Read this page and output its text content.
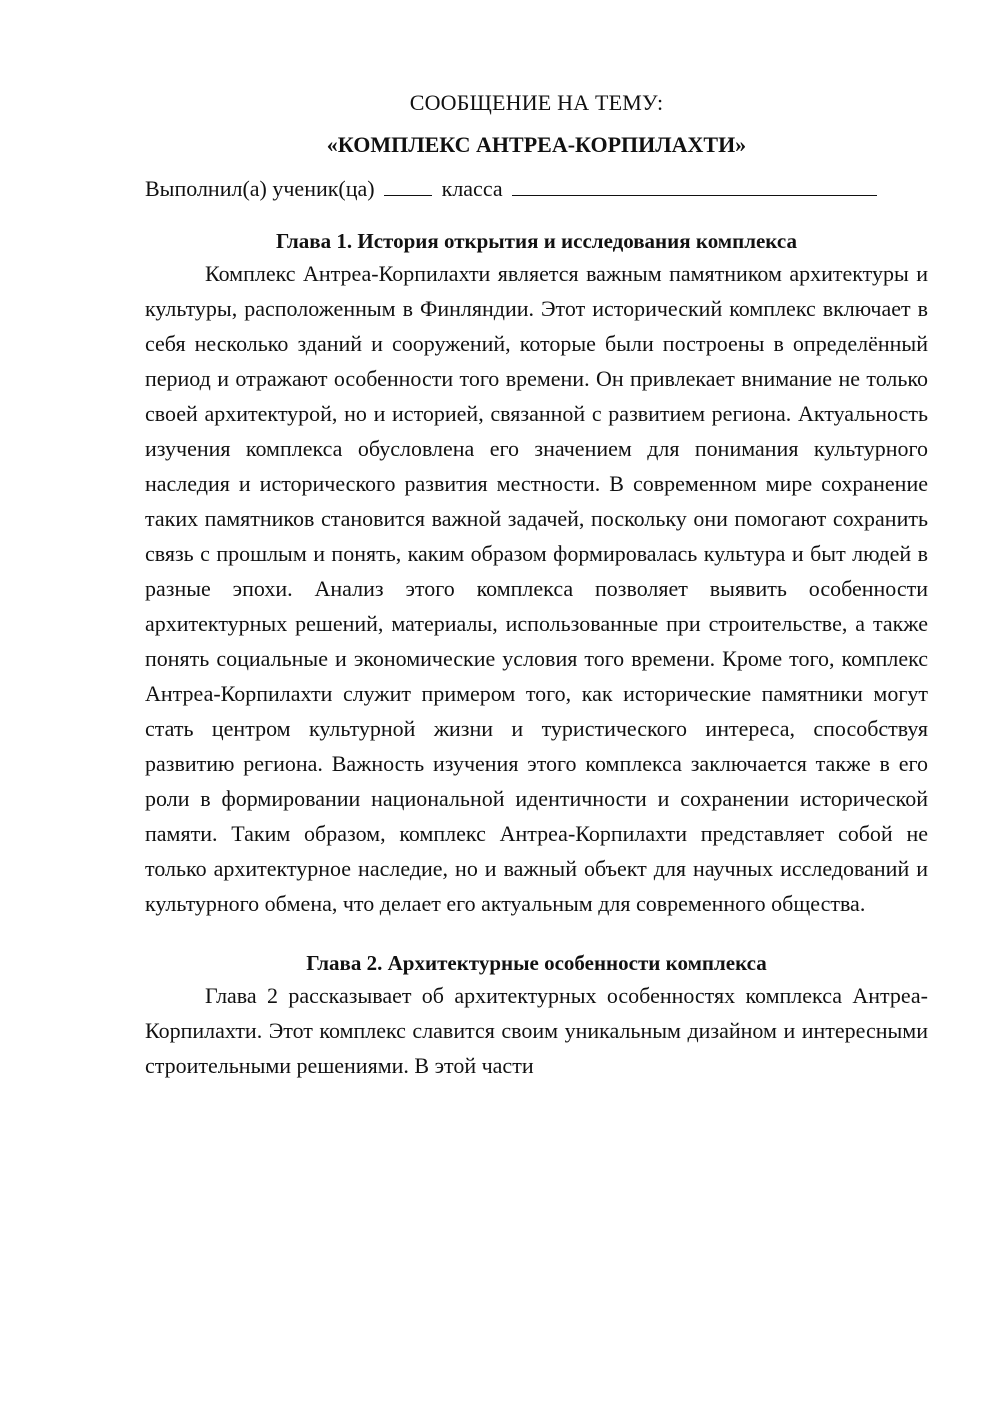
СООБЩЕНИЕ НА ТЕМУ:
«КОМПЛЕКС АНТРЕА-КОРПИЛАХТИ»
Выполнил(а) ученик(ца)	класса
Глава 1. История открытия и исследования комплекса

Комплекс Антреа-Корпилахти является важным памятником архитектуры и культуры, расположенным в Финляндии. Этот исторический комплекс включает в себя несколько зданий и сооружений, которые были построены в определённый период и отражают особенности того времени. Он привлекает внимание не только своей архитектурой, но и историей, связанной с развитием региона. Актуальность изучения комплекса обусловлена его значением для понимания культурного наследия и исторического развития местности. В современном мире сохранение таких памятников становится важной задачей, поскольку они помогают сохранить связь с прошлым и понять, каким образом формировалась культура и быт людей в разные эпохи. Анализ этого комплекса позволяет выявить особенности архитектурных решений, материалы, использованные при строительстве, а также понять социальные и экономические условия того времени. Кроме того, комплекс Антреа-Корпилахти служит примером того, как исторические памятники могут стать центром культурной жизни и туристического интереса, способствуя развитию региона. Важность изучения этого комплекса заключается также в его роли в формировании национальной идентичности и сохранении исторической памяти. Таким образом, комплекс Антреа-Корпилахти представляет собой не только архитектурное наследие, но и важный объект для научных исследований и культурного обмена, что делает его актуальным для современного общества.

Глава 2. Архитектурные особенности комплекса

Глава 2 рассказывает об архитектурных особенностях комплекса Антреа-Корпилахти. Этот комплекс славится своим уникальным дизайном и интересными строительными решениями. В этой части
